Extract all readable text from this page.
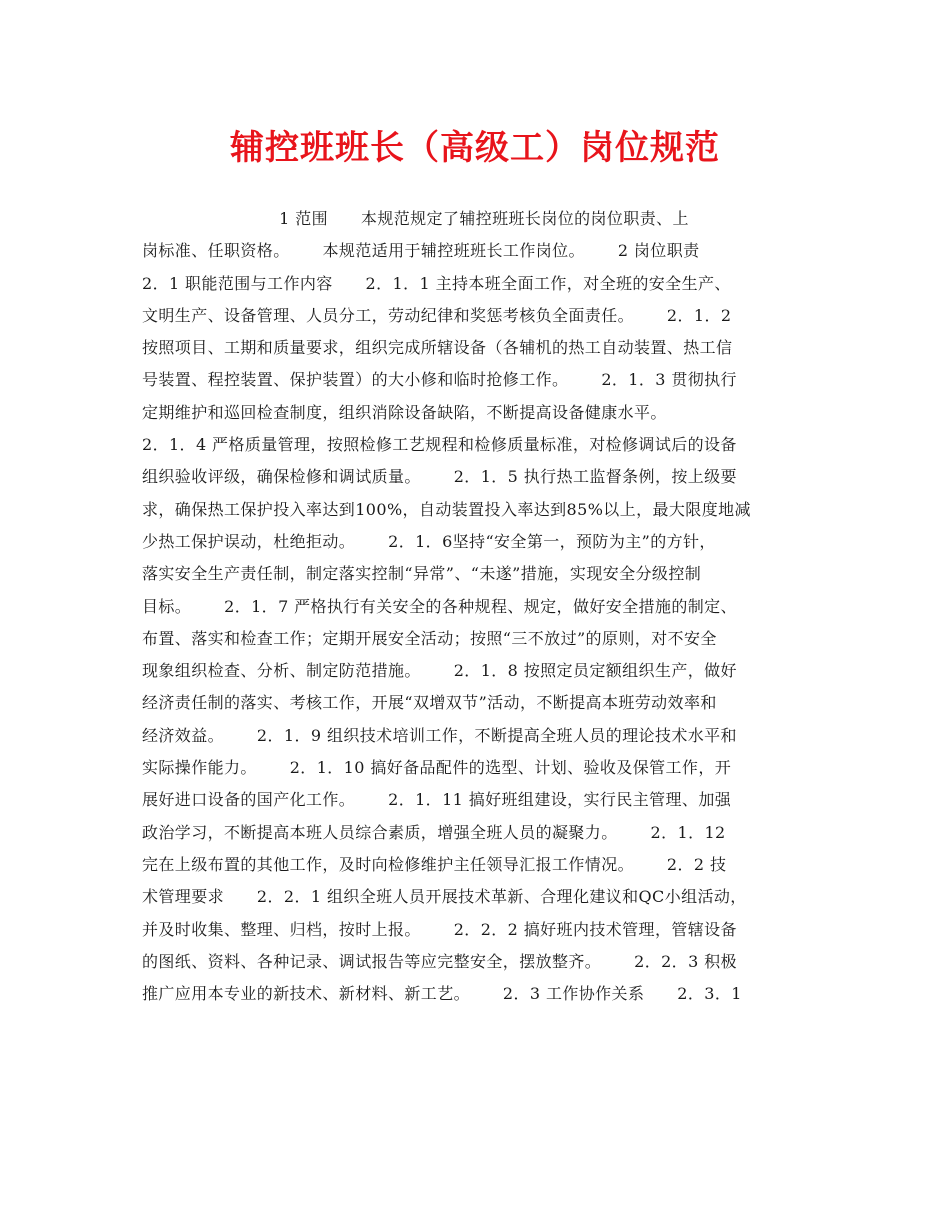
辅控班班长（高级工）岗位规范
1 范围      本规范规定了辅控班班长岗位的岗位职责、上
岗标准、任职资格。      本规范适用于辅控班班长工作岗位。      2 岗位职责
2．1 职能范围与工作内容      2．1．1 主持本班全面工作，对全班的安全生产、
文明生产、设备管理、人员分工，劳动纪律和奖惩考核负全面责任。      2．1．2
按照项目、工期和质量要求，组织完成所辖设备（各辅机的热工自动装置、热工信
号装置、程控装置、保护装置）的大小修和临时抢修工作。      2．1．3 贯彻执行
定期维护和巡回检查制度，组织消除设备缺陷，不断提高设备健康水平。
2．1．4 严格质量管理，按照检修工艺规程和检修质量标准，对检修调试后的设备
组织验收评级，确保检修和调试质量。      2．1．5 执行热工监督条例，按上级要
求，确保热工保护投入率达到100%，自动装置投入率达到85%以上，最大限度地减
少热工保护误动，杜绝拒动。      2．1．6坚持“安全第一，预防为主”的方针，
落实安全生产责任制，制定落实控制“异常”、“未遂”措施，实现安全分级控制
目标。      2．1．7 严格执行有关安全的各种规程、规定，做好安全措施的制定、
布置、落实和检查工作；定期开展安全活动；按照“三不放过”的原则，对不安全
现象组织检查、分析、制定防范措施。      2．1．8 按照定员定额组织生产，做好
经济责任制的落实、考核工作，开展“双增双节”活动，不断提高本班劳动效率和
经济效益。      2．1．9 组织技术培训工作，不断提高全班人员的理论技术水平和
实际操作能力。      2．1．10 搞好备品配件的选型、计划、验收及保管工作，开
展好进口设备的国产化工作。      2．1．11 搞好班组建设，实行民主管理、加强
政治学习，不断提高本班人员综合素质，增强全班人员的凝聚力。      2．1．12
完在上级布置的其他工作，及时向检修维护主任领导汇报工作情况。      2．2 技
术管理要求      2．2．1 组织全班人员开展技术革新、合理化建议和QC小组活动，
并及时收集、整理、归档，按时上报。      2．2．2 搞好班内技术管理，管辖设备
的图纸、资料、各种记录、调试报告等应完整安全，摆放整齐。      2．2．3 积极
推广应用本专业的新技术、新材料、新工艺。      2．3 工作协作关系      2．3．1
